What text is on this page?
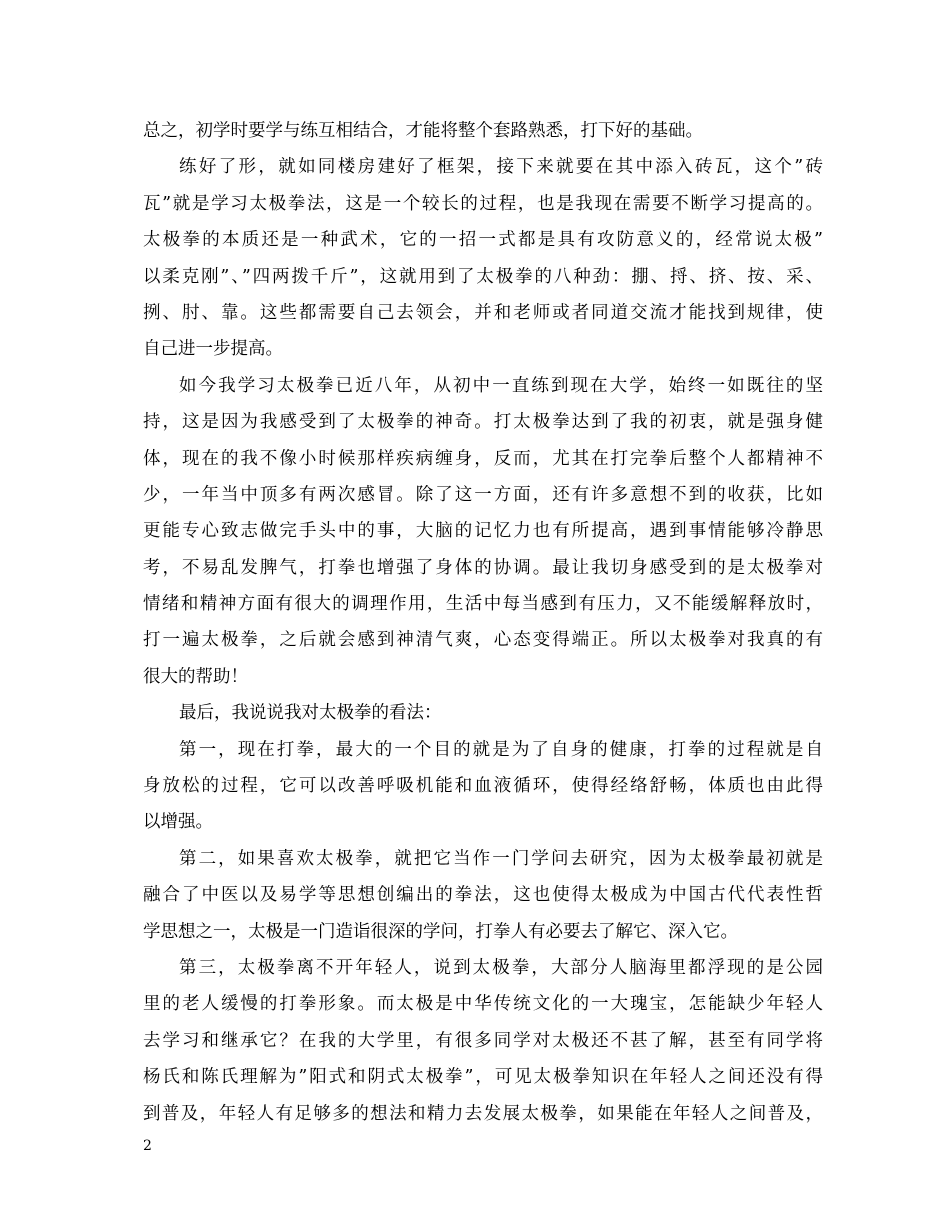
总之，初学时要学与练互相结合，才能将整个套路熟悉，打下好的基础。
练好了形，就如同楼房建好了框架，接下来就要在其中添入砖瓦，这个”砖
瓦”就是学习太极拳法，这是一个较长的过程，也是我现在需要不断学习提高的。
太极拳的本质还是一种武术，它的一招一式都是具有攻防意义的，经常说太极”
以柔克刚”、”四两拨千斤”，这就用到了太极拳的八种劲：掤、捋、挤、按、采、
挒、肘、靠。这些都需要自己去领会，并和老师或者同道交流才能找到规律，使
自己进一步提高。
如今我学习太极拳已近八年，从初中一直练到现在大学，始终一如既往的坚
持，这是因为我感受到了太极拳的神奇。打太极拳达到了我的初衷，就是强身健
体，现在的我不像小时候那样疾病缠身，反而，尤其在打完拳后整个人都精神不
少，一年当中顶多有两次感冒。除了这一方面，还有许多意想不到的收获，比如
更能专心致志做完手头中的事，大脑的记忆力也有所提高，遇到事情能够冷静思
考，不易乱发脾气，打拳也增强了身体的协调。最让我切身感受到的是太极拳对
情绪和精神方面有很大的调理作用，生活中每当感到有压力，又不能缓解释放时，
打一遍太极拳，之后就会感到神清气爽，心态变得端正。所以太极拳对我真的有
很大的帮助！
最后，我说说我对太极拳的看法：
第一，现在打拳，最大的一个目的就是为了自身的健康，打拳的过程就是自
身放松的过程，它可以改善呼吸机能和血液循环，使得经络舒畅，体质也由此得
以增强。
第二，如果喜欢太极拳，就把它当作一门学问去研究，因为太极拳最初就是
融合了中医以及易学等思想创编出的拳法，这也使得太极成为中国古代代表性哲
学思想之一，太极是一门造诣很深的学问，打拳人有必要去了解它、深入它。
第三，太极拳离不开年轻人，说到太极拳，大部分人脑海里都浮现的是公园
里的老人缓慢的打拳形象。而太极是中华传统文化的一大瑰宝，怎能缺少年轻人
去学习和继承它？在我的大学里，有很多同学对太极还不甚了解，甚至有同学将
杨氏和陈氏理解为”阳式和阴式太极拳”，可见太极拳知识在年轻人之间还没有得
到普及，年轻人有足够多的想法和精力去发展太极拳，如果能在年轻人之间普及，
2
